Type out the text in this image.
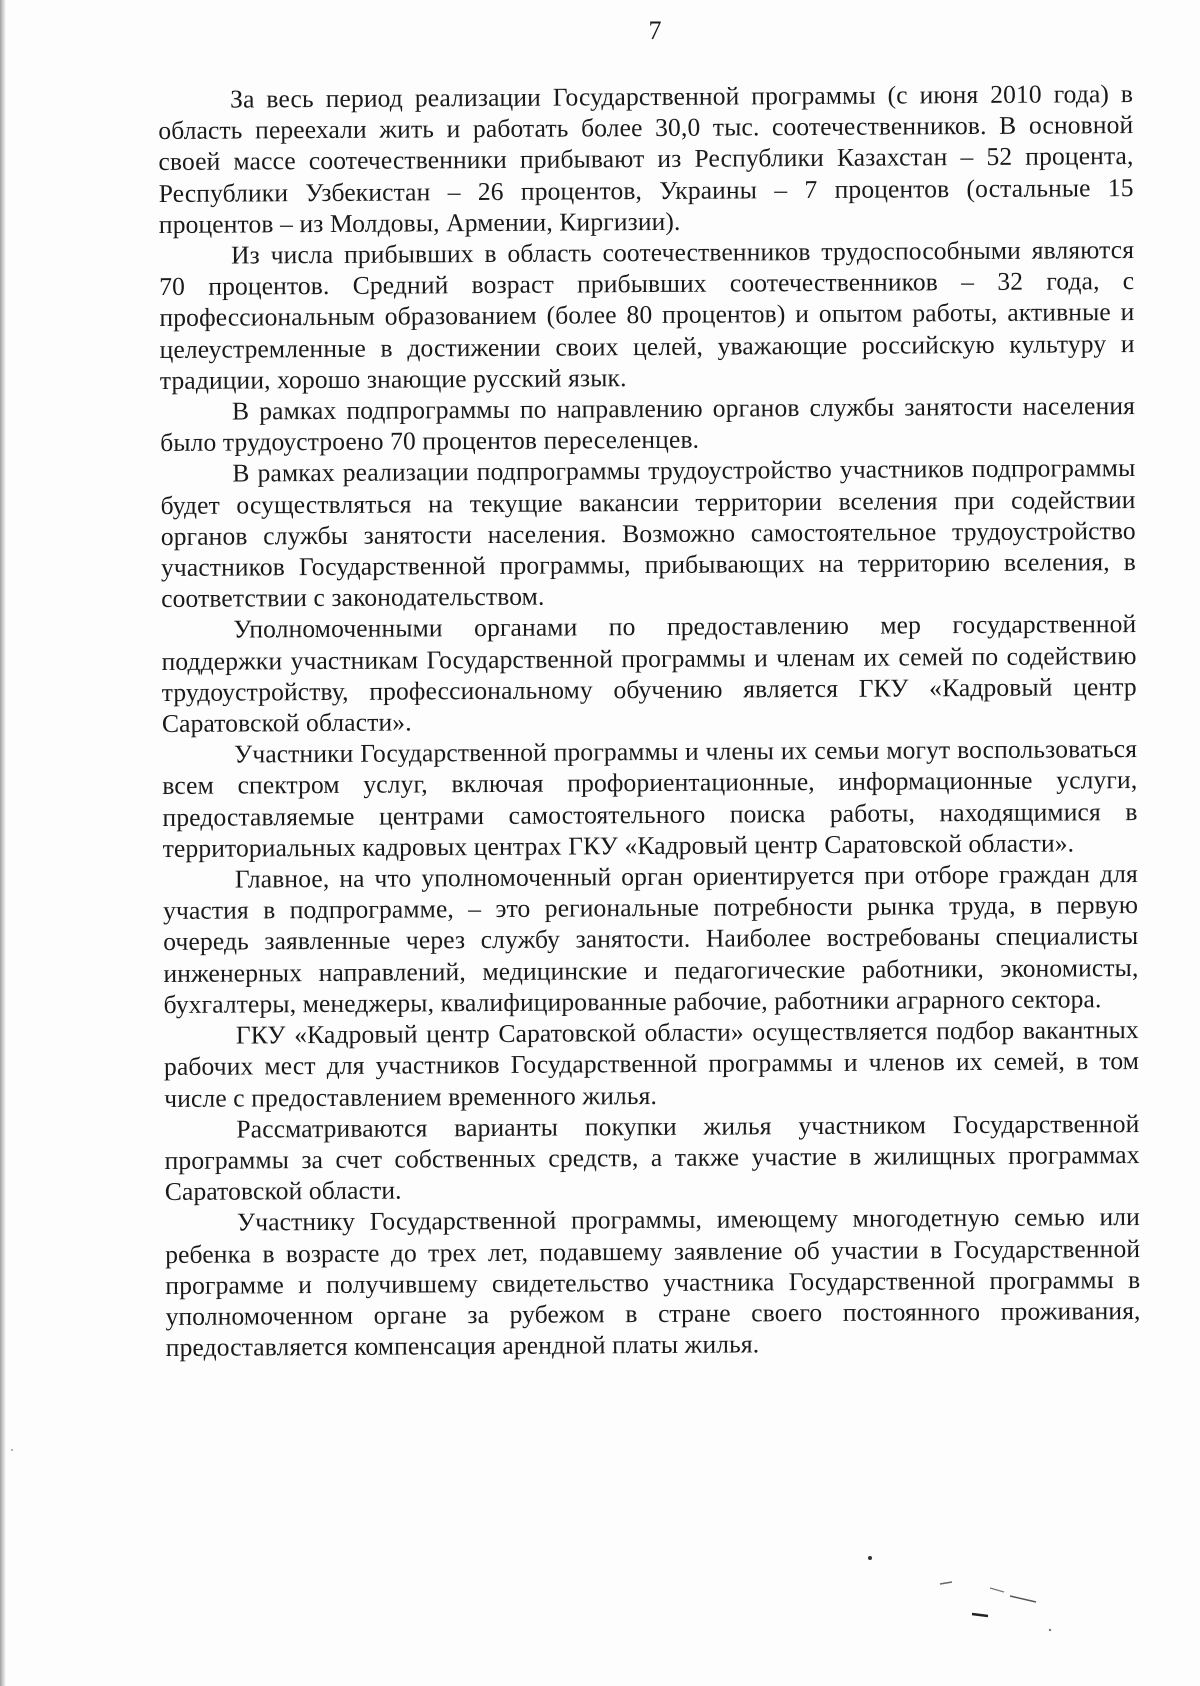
7

За весь период реализации Государственной программы (с июня 2010 года) в область переехали жить и работать более 30,0 тыс. соотечественников. В основной своей массе соотечественники прибывают из Республики Казахстан – 52 процента, Республики Узбекистан – 26 процентов, Украины – 7 процентов (остальные 15 процентов – из Молдовы, Армении, Киргизии).

Из числа прибывших в область соотечественников трудоспособными являются 70 процентов. Средний возраст прибывших соотечественников – 32 года, с профессиональным образованием (более 80 процентов) и опытом работы, активные и целеустремленные в достижении своих целей, уважающие российскую культуру и традиции, хорошо знающие русский язык.

В рамках подпрограммы по направлению органов службы занятости населения было трудоустроено 70 процентов переселенцев.

В рамках реализации подпрограммы трудоустройство участников подпрограммы будет осуществляться на текущие вакансии территории вселения при содействии органов службы занятости населения. Возможно самостоятельное трудоустройство участников Государственной программы, прибывающих на территорию вселения, в соответствии с законодательством.

Уполномоченными органами по предоставлению мер государственной поддержки участникам Государственной программы и членам их семей по содействию трудоустройству, профессиональному обучению является ГКУ «Кадровый центр Саратовской области».

Участники Государственной программы и члены их семьи могут воспользоваться всем спектром услуг, включая профориентационные, информационные услуги, предоставляемые центрами самостоятельного поиска работы, находящимися в территориальных кадровых центрах ГКУ «Кадровый центр Саратовской области».

Главное, на что уполномоченный орган ориентируется при отборе граждан для участия в подпрограмме, – это региональные потребности рынка труда, в первую очередь заявленные через службу занятости. Наиболее востребованы специалисты инженерных направлений, медицинские и педагогические работники, экономисты, бухгалтеры, менеджеры, квалифицированные рабочие, работники аграрного сектора.

ГКУ «Кадровый центр Саратовской области» осуществляется подбор вакантных рабочих мест для участников Государственной программы и членов их семей, в том числе с предоставлением временного жилья.

Рассматриваются варианты покупки жилья участником Государственной программы за счет собственных средств, а также участие в жилищных программах Саратовской области.

Участнику Государственной программы, имеющему многодетную семью или ребенка в возрасте до трех лет, подавшему заявление об участии в Государственной программе и получившему свидетельство участника Государственной программы в уполномоченном органе за рубежом в стране своего постоянного проживания, предоставляется компенсация арендной платы жилья.
